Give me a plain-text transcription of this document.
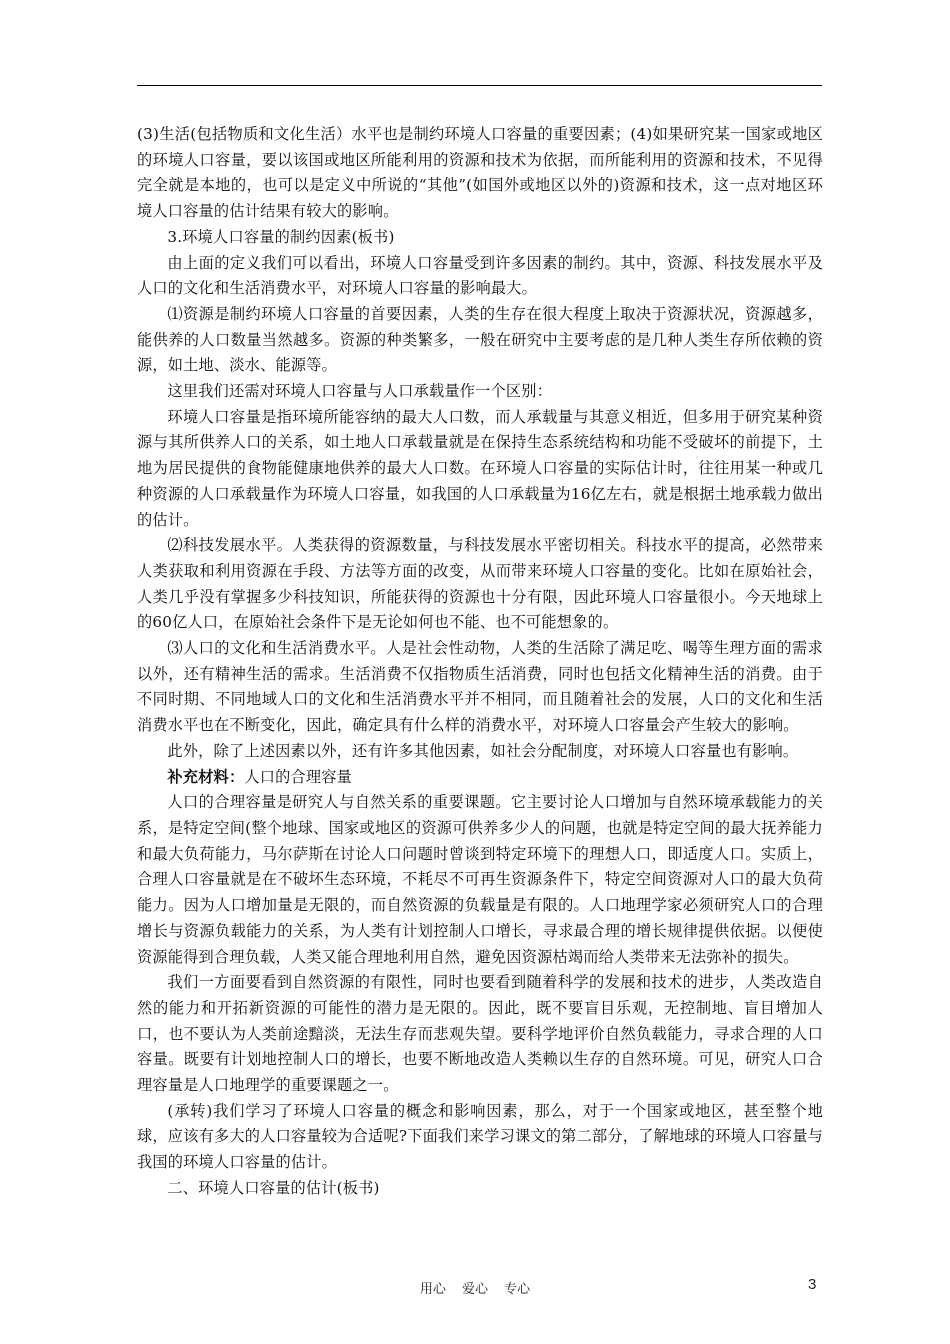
(3)生活(包括物质和文化生活）水平也是制约环境人口容量的重要因素；(4)如果研究某一国家或地区的环境人口容量，要以该国或地区所能利用的资源和技术为依据，而所能利用的资源和技术，不见得完全就是本地的，也可以是定义中所说的“其他”(如国外或地区以外的)资源和技术，这一点对地区环境人口容量的估计结果有较大的影响。

3.环境人口容量的制约因素(板书)

由上面的定义我们可以看出，环境人口容量受到许多因素的制约。其中，资源、科技发展水平及人口的文化和生活消费水平，对环境人口容量的影响最大。

⑴资源是制约环境人口容量的首要因素，人类的生存在很大程度上取决于资源状况，资源越多，能供养的人口数量当然越多。资源的种类繁多，一般在研究中主要考虑的是几种人类生存所依赖的资源，如土地、淡水、能源等。

这里我们还需对环境人口容量与人口承载量作一个区别：

环境人口容量是指环境所能容纳的最大人口数，而人承载量与其意义相近，但多用于研究某种资源与其所供养人口的关系，如土地人口承载量就是在保持生态系统结构和功能不受破坏的前提下，土地为居民提供的食物能健康地供养的最大人口数。在环境人口容量的实际估计时，往往用某一种或几种资源的人口承载量作为环境人口容量，如我国的人口承载量为16亿左右，就是根据土地承载力做出的估计。

⑵科技发展水平。人类获得的资源数量，与科技发展水平密切相关。科技水平的提高，必然带来人类获取和利用资源在手段、方法等方面的改变，从而带来环境人口容量的变化。比如在原始社会，人类几乎没有掌握多少科技知识，所能获得的资源也十分有限，因此环境人口容量很小。今天地球上的60亿人口，在原始社会条件下是无论如何也不能、也不可能想象的。

⑶人口的文化和生活消费水平。人是社会性动物，人类的生活除了满足吃、喝等生理方面的需求以外，还有精神生活的需求。生活消费不仅指物质生活消费，同时也包括文化精神生活的消费。由于不同时期、不同地域人口的文化和生活消费水平并不相同，而且随着社会的发展，人口的文化和生活消费水平也在不断变化，因此，确定具有什么样的消费水平，对环境人口容量会产生较大的影响。

此外，除了上述因素以外，还有许多其他因素，如社会分配制度，对环境人口容量也有影响。

补充材料：人口的合理容量

人口的合理容量是研究人与自然关系的重要课题。它主要讨论人口增加与自然环境承载能力的关系，是特定空间(整个地球、国家或地区的资源可供养多少人的问题，也就是特定空间的最大抚养能力和最大负荷能力，马尔萨斯在讨论人口问题时曾谈到特定环境下的理想人口，即适度人口。实质上，合理人口容量就是在不破坏生态环境，不耗尽不可再生资源条件下，特定空间资源对人口的最大负荷能力。因为人口增加量是无限的，而自然资源的负载量是有限的。人口地理学家必须研究人口的合理增长与资源负载能力的关系，为人类有计划控制人口增长，寻求最合理的增长规律提供依据。以便使资源能得到合理负载，人类又能合理地利用自然，避免因资源枯竭而给人类带来无法弥补的损失。

我们一方面要看到自然资源的有限性，同时也要看到随着科学的发展和技术的进步，人类改造自然的能力和开拓新资源的可能性的潜力是无限的。因此，既不要盲目乐观，无控制地、盲目增加人口，也不要认为人类前途黯淡，无法生存而悲观失望。要科学地评价自然负载能力，寻求合理的人口容量。既要有计划地控制人口的增长，也要不断地改造人类赖以生存的自然环境。可见，研究人口合理容量是人口地理学的重要课题之一。

(承转)我们学习了环境人口容量的概念和影响因素，那么，对于一个国家或地区，甚至整个地球，应该有多大的人口容量较为合适呢?下面我们来学习课文的第二部分，了解地球的环境人口容量与我国的环境人口容量的估计。

二、环境人口容量的估计(板书)

用心 爱心 专心	3
